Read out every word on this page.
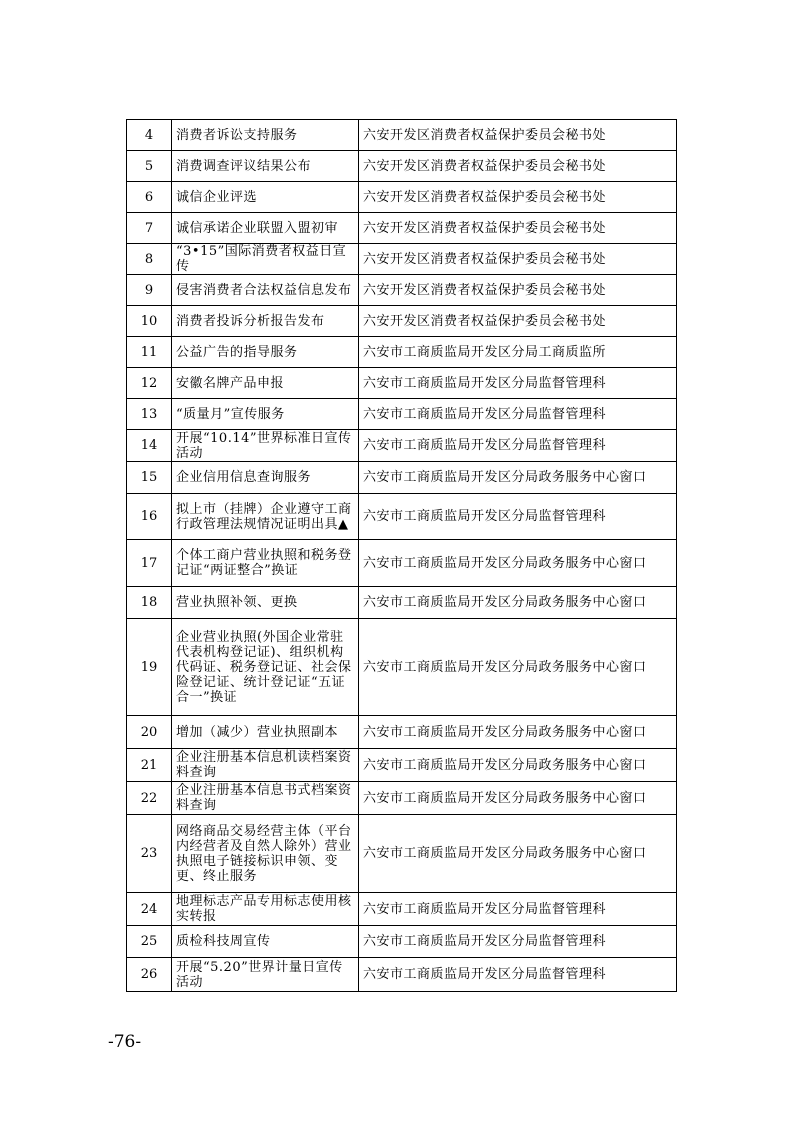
4	消费者诉讼支持服务	六安开发区消费者权益保护委员会秘书处
5	消费调查评议结果公布	六安开发区消费者权益保护委员会秘书处
6	诚信企业评选	六安开发区消费者权益保护委员会秘书处
7	诚信承诺企业联盟入盟初审	六安开发区消费者权益保护委员会秘书处
8	“3•15”国际消费者权益日宣传	六安开发区消费者权益保护委员会秘书处
9	侵害消费者合法权益信息发布	六安开发区消费者权益保护委员会秘书处
10	消费者投诉分析报告发布	六安开发区消费者权益保护委员会秘书处
11	公益广告的指导服务	六安市工商质监局开发区分局工商质监所
12	安徽名牌产品申报	六安市工商质监局开发区分局监督管理科
13	“质量月”宣传服务	六安市工商质监局开发区分局监督管理科
14	开展“10.14”世界标准日宣传活动	六安市工商质监局开发区分局监督管理科
15	企业信用信息查询服务	六安市工商质监局开发区分局政务服务中心窗口
16	拟上市（挂牌）企业遵守工商行政管理法规情况证明出具▲	六安市工商质监局开发区分局监督管理科
17	个体工商户营业执照和税务登记证“两证整合”换证	六安市工商质监局开发区分局政务服务中心窗口
18	营业执照补领、更换	六安市工商质监局开发区分局政务服务中心窗口
19	企业营业执照(外国企业常驻代表机构登记证)、组织机构代码证、税务登记证、社会保险登记证、统计登记证“五证合一”换证	六安市工商质监局开发区分局政务服务中心窗口
20	增加（减少）营业执照副本	六安市工商质监局开发区分局政务服务中心窗口
21	企业注册基本信息机读档案资料查询	六安市工商质监局开发区分局政务服务中心窗口
22	企业注册基本信息书式档案资料查询	六安市工商质监局开发区分局政务服务中心窗口
23	网络商品交易经营主体（平台内经营者及自然人除外）营业执照电子链接标识申领、变更、终止服务	六安市工商质监局开发区分局政务服务中心窗口
24	地理标志产品专用标志使用核实转报	六安市工商质监局开发区分局监督管理科
25	质检科技周宣传	六安市工商质监局开发区分局监督管理科
26	开展“5.20”世界计量日宣传活动	六安市工商质监局开发区分局监督管理科
-76-
